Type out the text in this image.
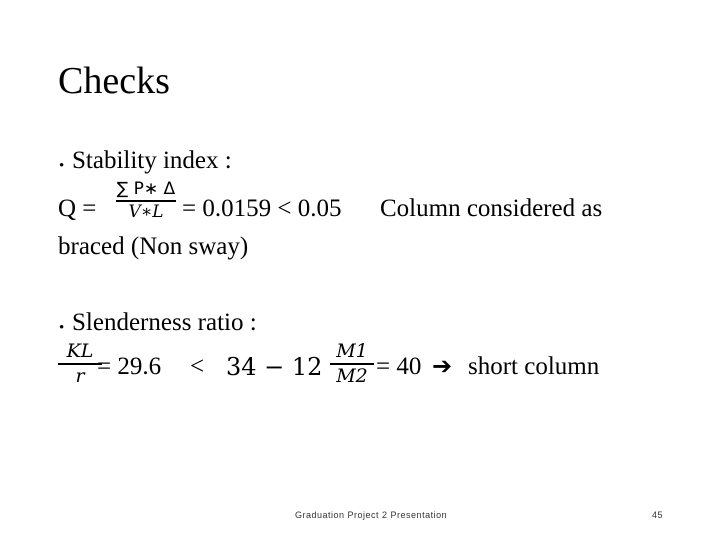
Checks
• Stability index :
Q =
∑ P∗ Δ
V∗L = 0.0159 < 0.05 Column considered as
braced (Non sway)
• Slenderness ratio :
KL
r = 29.6 < 34 − 12
M1
M2 = 40 ➔ short column
Graduation Project 2 Presentation	45
